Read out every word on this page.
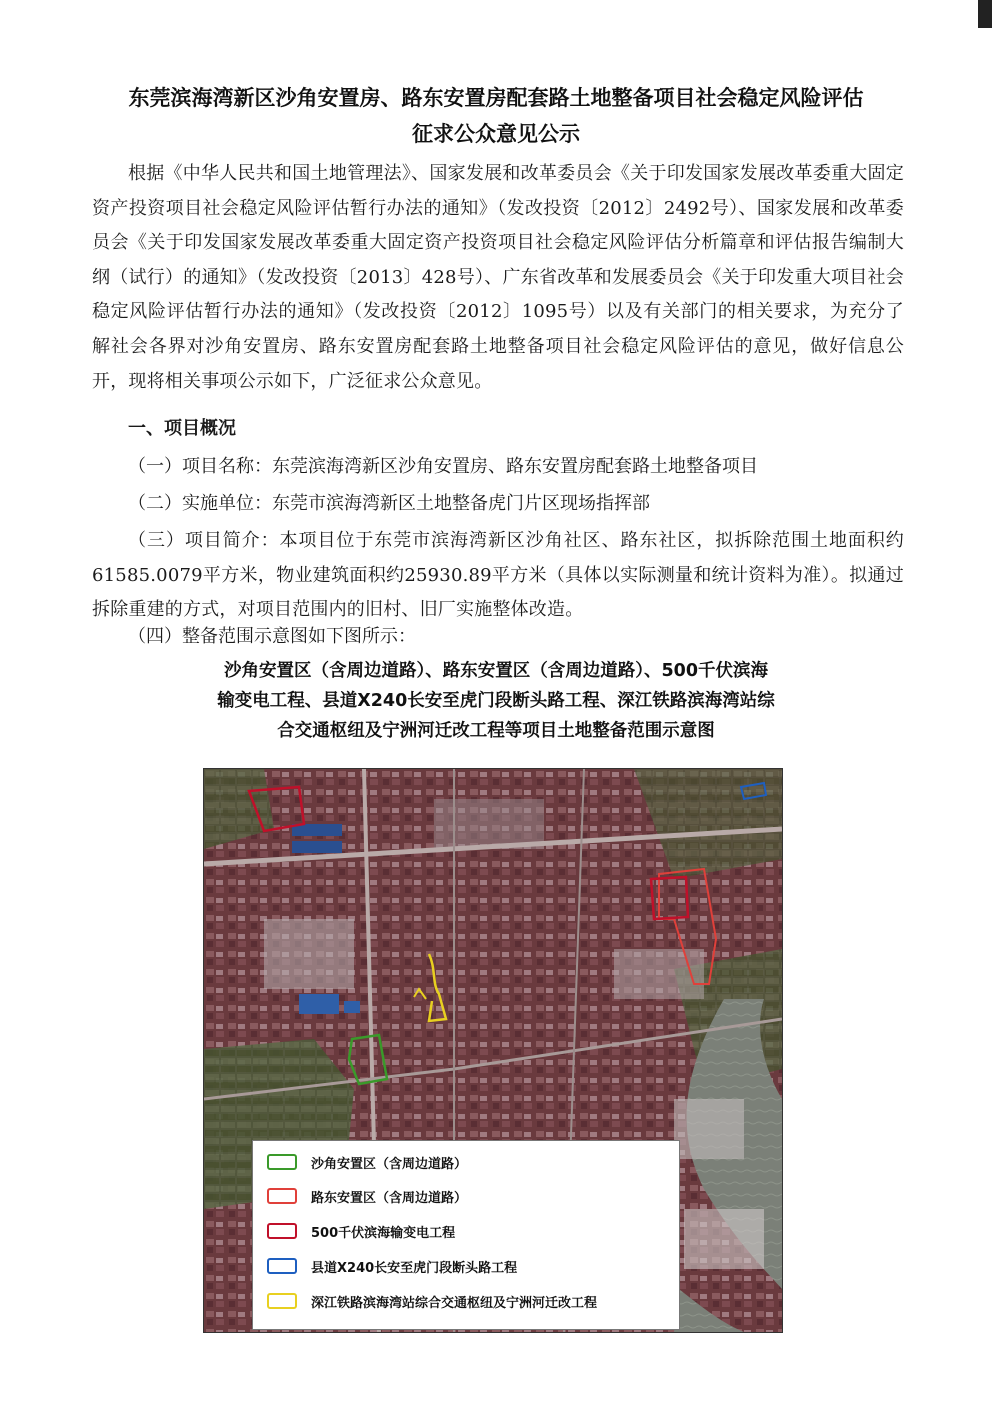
东莞滨海湾新区沙角安置房、路东安置房配套路土地整备项目社会稳定风险评估
征求公众意见公示
根据《中华人民共和国土地管理法》、国家发展和改革委员会《关于印发国家发展改革委重大固定资产投资项目社会稳定风险评估暂行办法的通知》（发改投资〔2012〕2492号）、国家发展和改革委员会《关于印发国家发展改革委重大固定资产投资项目社会稳定风险评估分析篇章和评估报告编制大纲（试行）的通知》（发改投资〔2013〕428号）、广东省改革和发展委员会《关于印发重大项目社会稳定风险评估暂行办法的通知》（发改投资〔2012〕1095号）以及有关部门的相关要求，为充分了解社会各界对沙角安置房、路东安置房配套路土地整备项目社会稳定风险评估的意见，做好信息公开，现将相关事项公示如下，广泛征求公众意见。
一、项目概况
（一）项目名称：东莞滨海湾新区沙角安置房、路东安置房配套路土地整备项目
（二）实施单位：东莞市滨海湾新区土地整备虎门片区现场指挥部
（三）项目简介：本项目位于东莞市滨海湾新区沙角社区、路东社区，拟拆除范围土地面积约61585.0079平方米，物业建筑面积约25930.89平方米（具体以实际测量和统计资料为准）。拟通过拆除重建的方式，对项目范围内的旧村、旧厂实施整体改造。
（四）整备范围示意图如下图所示：
沙角安置区（含周边道路）、路东安置区（含周边道路）、500千伏滨海
输变电工程、县道X240长安至虎门段断头路工程、深江铁路滨海湾站综
合交通枢纽及宁洲河迁改工程等项目土地整备范围示意图
沙角安置区（含周边道路）
路东安置区（含周边道路）
500千伏滨海输变电工程
县道X240长安至虎门段断头路工程
深江铁路滨海湾站综合交通枢纽及宁洲河迁改工程
